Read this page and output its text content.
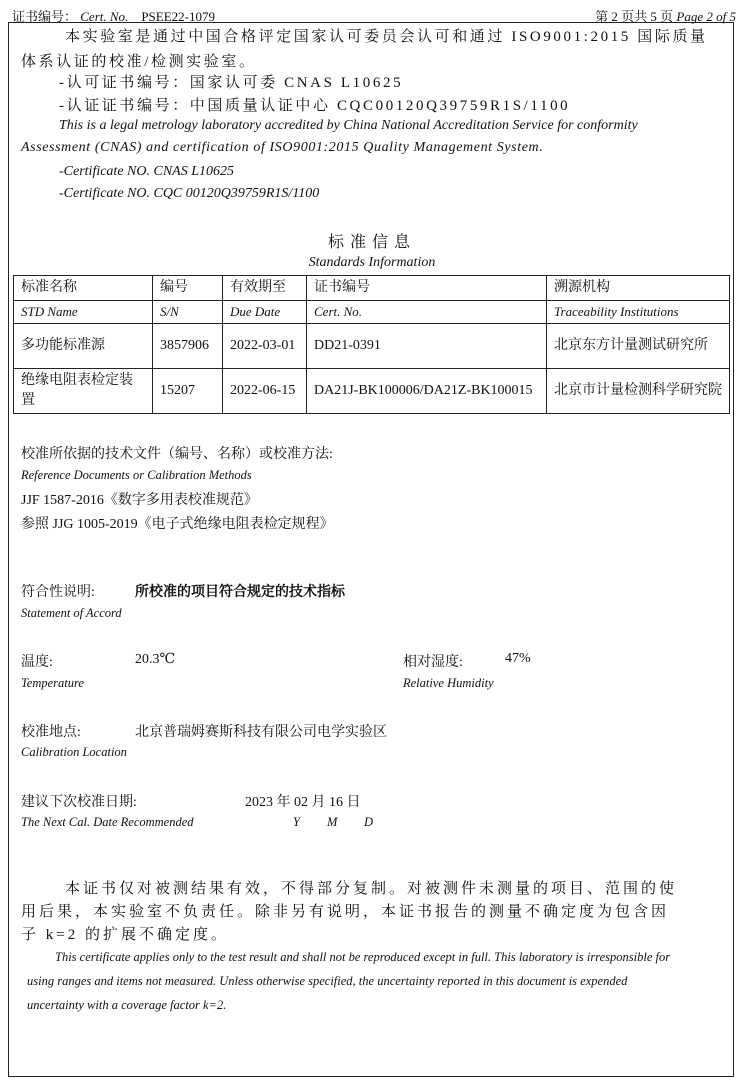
证书编号： Cert. No. PSEE22-1079	第 2 页共 5 页 Page 2 of 5
本实验室是通过中国合格评定国家认可委员会认可和通过 ISO9001:2015 国际质量
体系认证的校准/检测实验室。
-认可证书编号：国家认可委 CNAS L10625
-认证证书编号：中国质量认证中心 CQC00120Q39759R1S/1100
This is a legal metrology laboratory accredited by China National Accreditation Service for conformity
Assessment (CNAS) and certification of ISO9001:2015 Quality Management System.
-Certificate NO. CNAS L10625
-Certificate NO. CQC 00120Q39759R1S/1100
标准信息
Standards Information
标准名称	编号	有效期至	证书编号	溯源机构
STD Name	S/N	Due Date	Cert. No.	Traceability Institutions
多功能标准源	3857906	2022-03-01	DD21-0391	北京东方计量测试研究所
绝缘电阻表检定装置	15207	2022-06-15	DA21J-BK100006/DA21Z-BK100015	北京市计量检测科学研究院
校准所依据的技术文件（编号、名称）或校准方法:
Reference Documents or Calibration Methods
JJF 1587-2016《数字多用表校准规范》
参照 JJG 1005-2019《电子式绝缘电阻表检定规程》
符合性说明:	所校准的项目符合规定的技术指标
Statement of Accord
温度:	20.3℃
Temperature
相对湿度:	47%
Relative Humidity
校准地点:	北京普瑞姆赛斯科技有限公司电学实验区
Calibration Location
建议下次校准日期:	2023 年 02 月 16 日
The Next Cal. Date Recommended	Y M D
本证书仅对被测结果有效，不得部分复制。对被测件未测量的项目、范围的使
用后果，本实验室不负责任。除非另有说明，本证书报告的测量不确定度为包含因
子 k=2 的扩展不确定度。
This certificate applies only to the test result and shall not be reproduced except in full. This laboratory is irresponsible for
using ranges and items not measured. Unless otherwise specified, the uncertainty reported in this document is expended
uncertainty with a coverage factor k=2.
